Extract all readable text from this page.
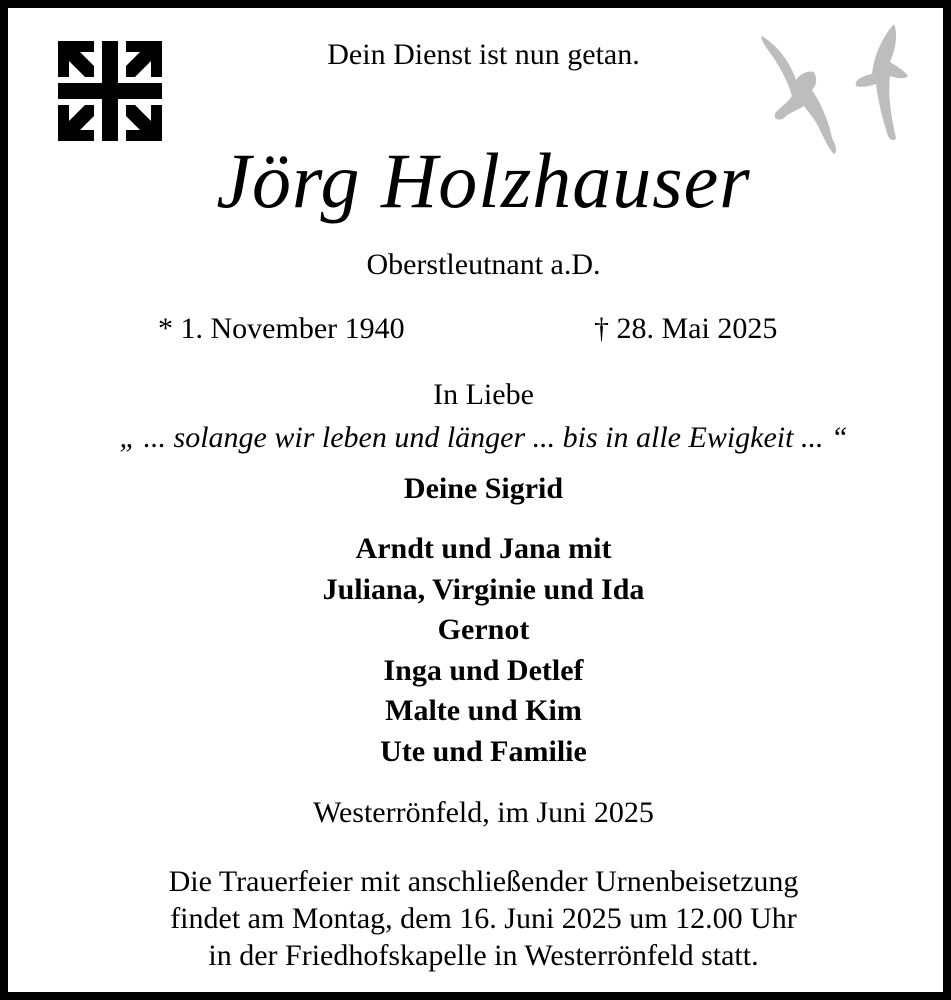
Dein Dienst ist nun getan.
Jörg Holzhauser
Oberstleutnant a.D.
* 1. November 1940	† 28. Mai 2025
In Liebe
„ ... solange wir leben und länger ... bis in alle Ewigkeit ... “
Deine Sigrid
Arndt und Jana mit
Juliana, Virginie und Ida
Gernot
Inga und Detlef
Malte und Kim
Ute und Familie
Westerrönfeld, im Juni 2025
Die Trauerfeier mit anschließender Urnenbeisetzung
findet am Montag, dem 16. Juni 2025 um 12.00 Uhr
in der Friedhofskapelle in Westerrönfeld statt.
